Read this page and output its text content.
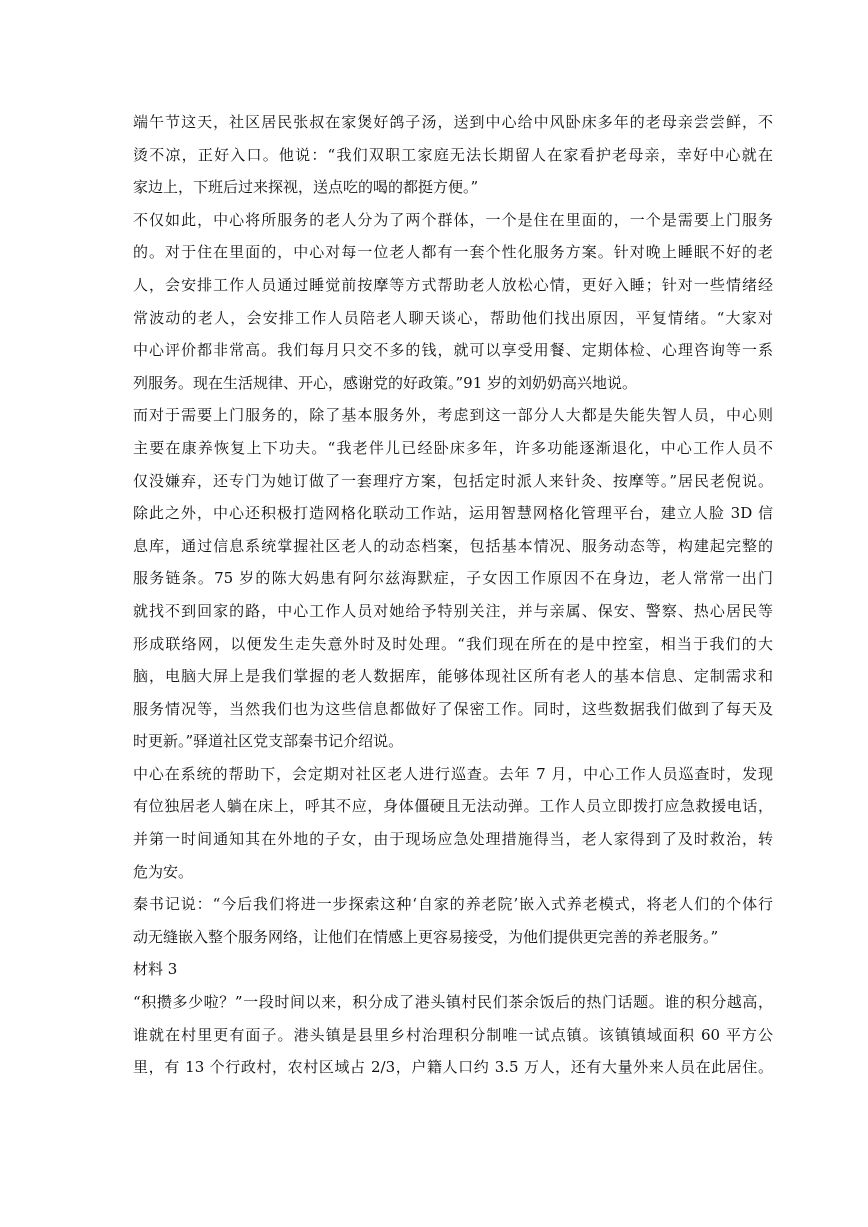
端午节这天，社区居民张叔在家煲好鸽子汤，送到中心给中风卧床多年的老母亲尝尝鲜，不
烫不凉，正好入口。他说：“我们双职工家庭无法长期留人在家看护老母亲，幸好中心就在
家边上，下班后过来探视，送点吃的喝的都挺方便。”
不仅如此，中心将所服务的老人分为了两个群体，一个是住在里面的，一个是需要上门服务
的。对于住在里面的，中心对每一位老人都有一套个性化服务方案。针对晚上睡眠不好的老
人，会安排工作人员通过睡觉前按摩等方式帮助老人放松心情，更好入睡；针对一些情绪经
常波动的老人，会安排工作人员陪老人聊天谈心，帮助他们找出原因，平复情绪。“大家对
中心评价都非常高。我们每月只交不多的钱，就可以享受用餐、定期体检、心理咨询等一系
列服务。现在生活规律、开心，感谢党的好政策。”91 岁的刘奶奶高兴地说。
而对于需要上门服务的，除了基本服务外，考虑到这一部分人大都是失能失智人员，中心则
主要在康养恢复上下功夫。“我老伴儿已经卧床多年，许多功能逐渐退化，中心工作人员不
仅没嫌弃，还专门为她订做了一套理疗方案，包括定时派人来针灸、按摩等。”居民老倪说。
除此之外，中心还积极打造网格化联动工作站，运用智慧网格化管理平台，建立人脸 3D 信
息库，通过信息系统掌握社区老人的动态档案，包括基本情况、服务动态等，构建起完整的
服务链条。75 岁的陈大妈患有阿尔兹海默症，子女因工作原因不在身边，老人常常一出门
就找不到回家的路，中心工作人员对她给予特别关注，并与亲属、保安、警察、热心居民等
形成联络网，以便发生走失意外时及时处理。“我们现在所在的是中控室，相当于我们的大
脑，电脑大屏上是我们掌握的老人数据库，能够体现社区所有老人的基本信息、定制需求和
服务情况等，当然我们也为这些信息都做好了保密工作。同时，这些数据我们做到了每天及
时更新。”驿道社区党支部秦书记介绍说。
中心在系统的帮助下，会定期对社区老人进行巡查。去年 7 月，中心工作人员巡查时，发现
有位独居老人躺在床上，呼其不应，身体僵硬且无法动弹。工作人员立即拨打应急救援电话，
并第一时间通知其在外地的子女，由于现场应急处理措施得当，老人家得到了及时救治，转
危为安。
秦书记说：“今后我们将进一步探索这种‘自家的养老院’嵌入式养老模式，将老人们的个体行
动无缝嵌入整个服务网络，让他们在情感上更容易接受，为他们提供更完善的养老服务。”
材料 3
“积攒多少啦？”一段时间以来，积分成了港头镇村民们茶余饭后的热门话题。谁的积分越高，
谁就在村里更有面子。港头镇是县里乡村治理积分制唯一试点镇。该镇镇域面积 60 平方公
里，有 13 个行政村，农村区域占 2/3，户籍人口约 3.5 万人，还有大量外来人员在此居住。
